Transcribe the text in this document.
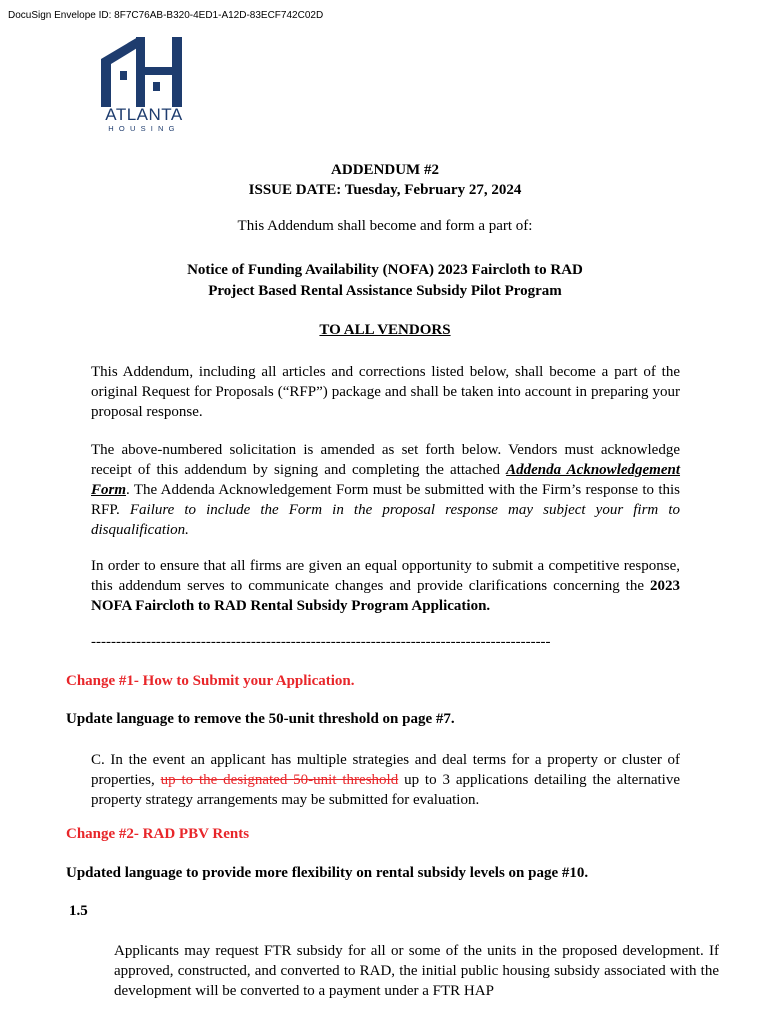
DocuSign Envelope ID: 8F7C76AB-B320-4ED1-A12D-83ECF742C02D
ATLANTA
HOUSING
ADDENDUM #2
ISSUE DATE: Tuesday, February 27, 2024
This Addendum shall become and form a part of:
Notice of Funding Availability (NOFA) 2023 Faircloth to RAD
Project Based Rental Assistance Subsidy Pilot Program
TO ALL VENDORS
This Addendum, including all articles and corrections listed below, shall become a part of the original Request for Proposals (“RFP”) package and shall be taken into account in preparing your proposal response.
The above-numbered solicitation is amended as set forth below. Vendors must acknowledge receipt of this addendum by signing and completing the attached Addenda Acknowledgement Form. The Addenda Acknowledgement Form must be submitted with the Firm’s response to this RFP. Failure to include the Form in the proposal response may subject your firm to disqualification.
In order to ensure that all firms are given an equal opportunity to submit a competitive response, this addendum serves to communicate changes and provide clarifications concerning the 2023 NOFA Faircloth to RAD Rental Subsidy Program Application.
--------------------------------------------------------------------------------------------
Change #1- How to Submit your Application.
Update language to remove the 50-unit threshold on page #7.
C. In the event an applicant has multiple strategies and deal terms for a property or cluster of properties, up to the designated 50-unit threshold up to 3 applications detailing the alternative property strategy arrangements may be submitted for evaluation.
Change #2- RAD PBV Rents
Updated language to provide more flexibility on rental subsidy levels on page #10.
1.5
Applicants may request FTR subsidy for all or some of the units in the proposed development. If approved, constructed, and converted to RAD, the initial public housing subsidy associated with the development will be converted to a payment under a FTR HAP
